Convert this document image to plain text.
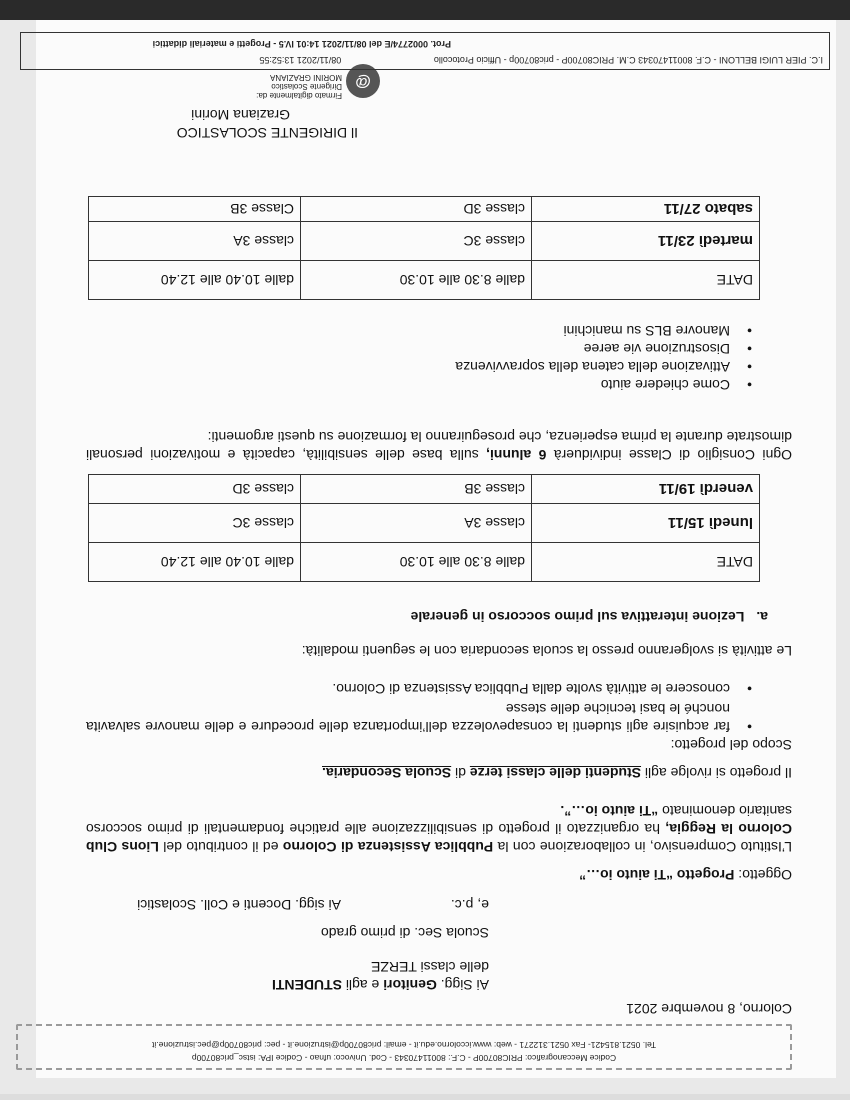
Codice Meccanografico: PRIC80700P - C.F.: 80011470343 - Cod. Univoco: ufnao - Codice IPA: istsc_pric80700p
Tel. 0521.815421- Fax 0521.312271 - web: www.iccolorno.edu.it - email: pric80700p@istruzione.it - pec: pric80700p@pec.istruzione.it
Colorno, 8 novembre 2021
Ai Sigg. Genitori e agli STUDENTI
delle classi TERZE
Scuola Sec. di primo grado
e, p.c.
Ai sigg. Docenti e Coll. Scolastici
Oggetto: Progetto “Ti aiuto io…”
L’Istituto Comprensivo, in collaborazione con la Pubblica Assistenza di Colorno ed il contributo del Lions Club Colorno la Reggia, ha organizzato il progetto di sensibilizzazione alle pratiche fondamentali di primo soccorso sanitario denominato “Ti aiuto io…”.
Il progetto si rivolge agli Studenti delle classi terze di Scuola Secondaria.
Scopo del progetto:
• far acquisire agli studenti la consapevolezza dell’importanza delle procedure e delle manovre salvavita nonché le basi tecniche delle stesse
• conoscere le attività svolte dalla Pubblica Assistenza di Colorno.
Le attività si svolgeranno presso la scuola secondaria con le seguenti modalità:
a.Lezione interattiva sul primo soccorso in generale
DATE	dalle 8.30 alle 10.30	dalle 10.40 alle 12.40
lunedì 15/11	classe 3A	classe 3C
venerdì 19/11	classe 3B	classe 3D
Ogni Consiglio di Classe individuerà 6 alunni, sulla base delle sensibilità, capacità e motivazioni personali dimostrate durante la prima esperienza, che proseguiranno la formazione su questi argomenti:
• Come chiedere aiuto
• Attivazione della catena della sopravvivenza
• Disostruzione vie aeree
• Manovre BLS su manichini
DATE	dalle 8.30 alle 10.30	dalle 10.40 alle 12.40
martedì 23/11	classe 3C	classe 3A
sabato 27/11	classe 3D	Classe 3B
Il DIRIGENTE SCOLASTICO
Graziana Morini
@
Firmato digitalmente da:
Dirigente Scolastico
MORINI GRAZIANA
I.C. PIER LUIGI BELLONI - C.F. 80011470343 C.M. PRIC80700P - pric80700p - Ufficio Protocollo 08/11/2021 13:52:55
Prot. 0002774/E del 08/11/2021 14:01 IV.5 - Progetti e materiali didattici
